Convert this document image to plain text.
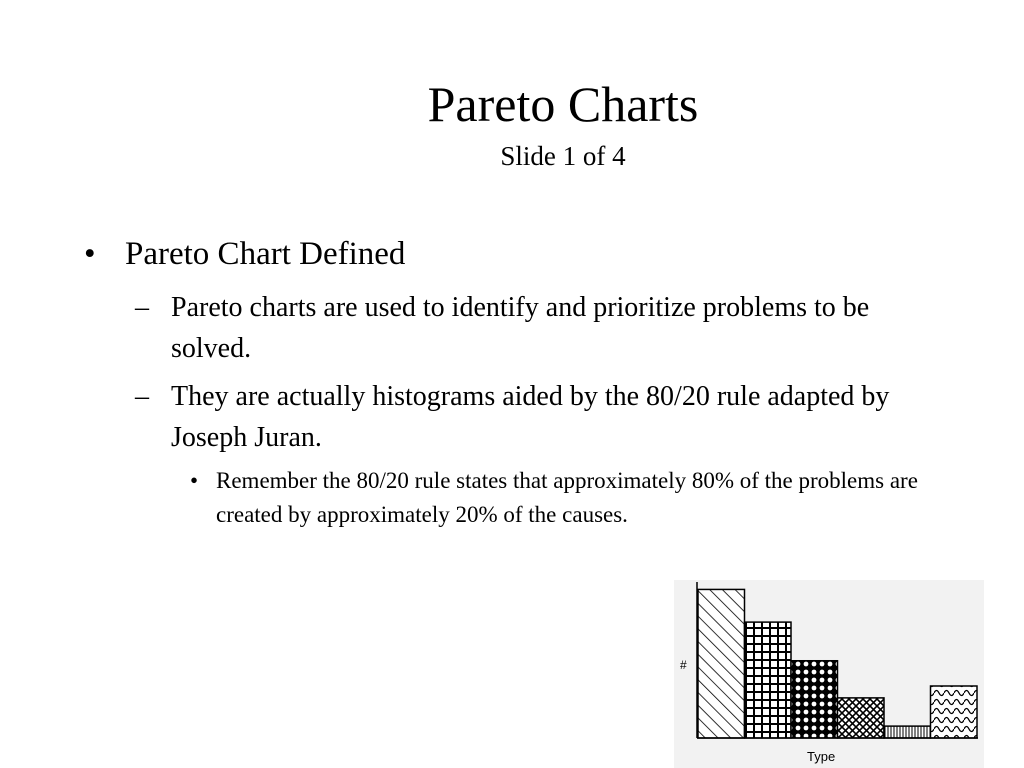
Pareto Charts
Slide 1 of 4
• Pareto Chart Defined
– Pareto charts are used to identify and prioritize problems to be solved.
– They are actually histograms aided by the 80/20 rule adapted by Joseph Juran.
• Remember the 80/20 rule states that approximately 80% of the problems are created by approximately 20% of the causes.
#
Type
